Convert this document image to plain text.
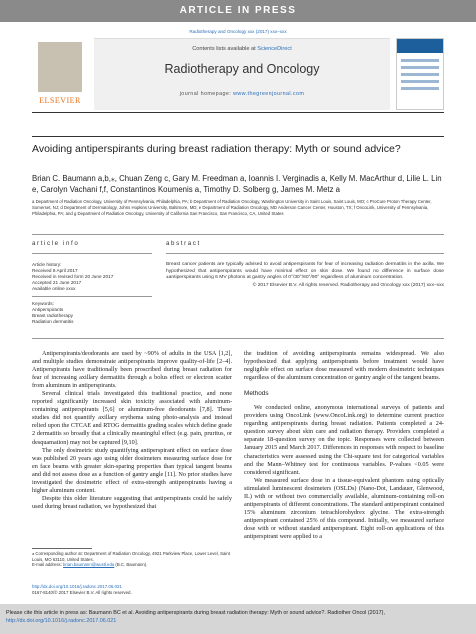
ARTICLE IN PRESS
Radiotherapy and Oncology xxx (2017) xxx–xxx
ELSEVIER
Contents lists available at ScienceDirect
Radiotherapy and Oncology
journal homepage: www.thegreenjournal.com
Avoiding antiperspirants during breast radiation therapy: Myth or sound advice?
Brian C. Baumann a,b,⁎, Chuan Zeng c, Gary M. Freedman a, Ioannis I. Verginadis a, Kelly M. MacArthur d, Lilie L. Lin e, Carolyn Vachani f,f, Constantinos Koumenis a, Timothy D. Solberg g, James M. Metz a
a Department of Radiation Oncology, University of Pennsylvania, Philadelphia, PA; b Department of Radiation Oncology, Washington University in Saint Louis, Saint Louis, MO; c ProCure Proton Therapy Center, Somerset, NJ; d Department of Dermatology, Johns Hopkins University, Baltimore, MD; e Department of Radiation Oncology, MD Anderson Cancer Center, Houston, TX; f OncoLink, University of Pennsylvania, Philadelphia, PA; and g Department of Radiation Oncology, University of California San Francisco, San Francisco, CA, United States
article info	abstract
Article history:
Received 8 April 2017
Received in revised form 20 June 2017
Accepted 21 June 2017
Available online xxxx
Keywords:
Antiperspirants
Breast radiotherapy
Radiation dermatitis
Breast cancer patients are typically advised to avoid antiperspirants for fear of increasing radiation dermatitis in the axilla. We hypothesized that antiperspirants would have minimal effect on skin dose. We found no difference in surface dose ±antiperspirants using 6 MV photons at gantry angles of 0°/30°/60°/90° regardless of aluminum concentration.
© 2017 Elsevier B.V. All rights reserved. Radiotherapy and Oncology xxx (2017) xxx–xxx

Antiperspirants/deodorants are used by ~90% of adults in the USA [1,2], and multiple studies demonstrate antiperspirants improve quality-of-life [2–4]. Antiperspirants have traditionally been proscribed during breast radiation for fear of increasing axillary dermatitis through a bolus effect or electron scatter from aluminum in antiperspirants.

Several clinical trials investigated this traditional practice, and none reported significantly increased skin toxicity associated with aluminum-containing antiperspirants [5,6] or aluminum-free deodorants [7,8]. These studies did not quantify axillary erythema using photo-analysis and instead relied upon the CTCAE and RTOG dermatitis grading scales which define grade 2 dermatitis so broadly that a clinically meaningful effect (e.g. pain, pruritus, or desquamation) may not be captured [9,10].

The only dosimetric study quantifying antiperspirant effect on surface dose was published 20 years ago using older dosimeters measuring surface dose for en face beams with greater skin-sparing properties than typical tangent beams and did not assess dose as a function of gantry angle [11]. No prior studies have investigated the dosimetric effect of extra-strength antiperspirants having a higher aluminum content.

Despite this older literature suggesting that antiperspirants could be safely used during breast radiation, we hypothesized that

the tradition of avoiding antiperspirants remains widespread. We also hypothesized that applying antiperspirants before treatment would have negligible effect on surface dose measured with modern dosimetric techniques regardless of the aluminum concentration or gantry angle of the tangent beams.

Methods

We conducted online, anonymous international surveys of patients and providers using OncoLink (www.OncoLink.org) to determine current practice regarding antiperspirants during breast radiation. Patients completed a 24-question survey about skin care and radiation therapy. Providers completed a separate 18-question survey on the topic. Responses were collected between January 2015 and March 2017. Differences in responses with respect to baseline characteristics were assessed using the Chi-square test for categorical variables and the Mann–Whitney test for continuous variables. P-values <0.05 were considered significant.

We measured surface dose in a tissue-equivalent phantom using optically stimulated luminescent dosimeters (OSLDs) (Nano-Dot, Landauer, Glenwood, IL) with or without two commercially available, aluminum-containing roll-on antiperspirants of different concentrations. The standard antiperspirant contained 15% aluminum zirconium tetrachlorohydrex glycine. The extra-strength antiperspirant contained 25% of this compound. Initially, we measured surface dose with or without standard antiperspirant. Eight roll-on applications of this antiperspirant were applied to a

⁎ Corresponding author at: Department of Radiation Oncology, 4921 Parkview Place, Lower Level, Saint Louis, MO 63110, United States.
E-mail address: brian.baumann@wustl.edu (B.C. Baumann).
http://dx.doi.org/10.1016/j.radonc.2017.06.021
0167-8140/© 2017 Elsevier B.V. All rights reserved.
Please cite this article in press as: Baumann BC et al. Avoiding antiperspirants during breast radiation therapy: Myth or sound advice?. Radiother Oncol (2017), http://dx.doi.org/10.1016/j.radonc.2017.06.021
